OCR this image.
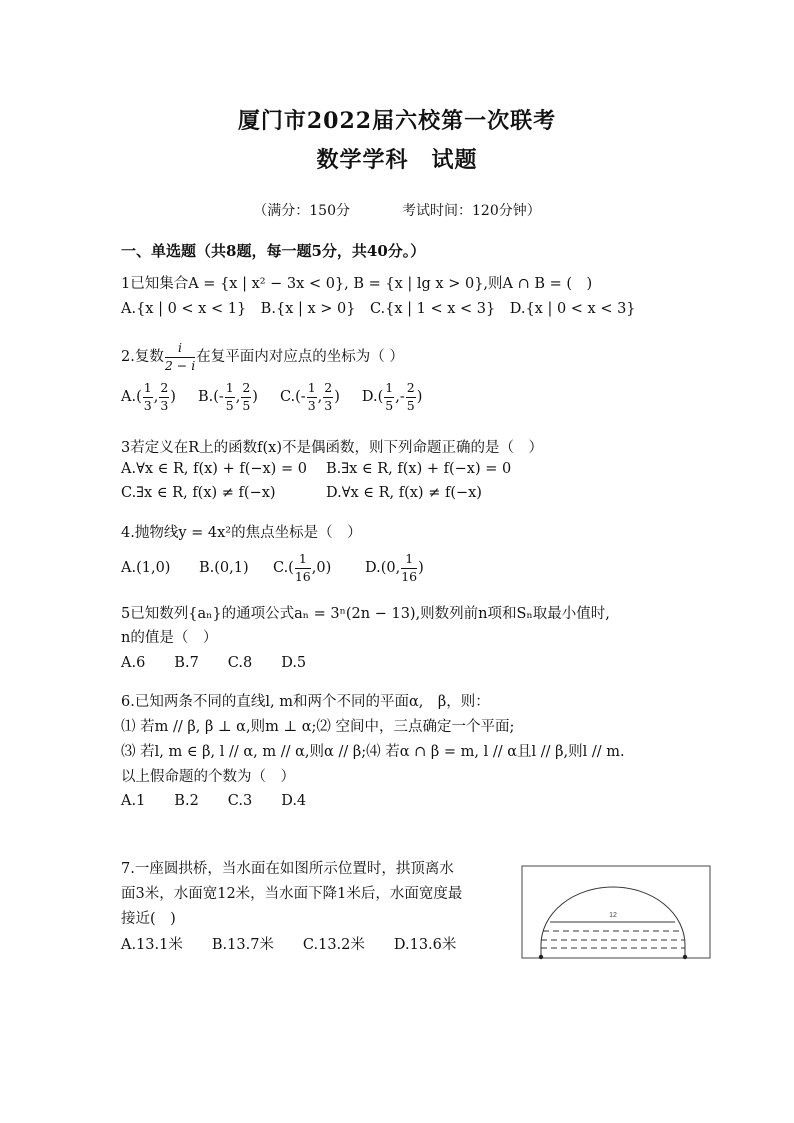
厦门市2022届六校第一次联考
数学学科　试题
（满分：150分	考试时间：120分钟）
一、单选题（共8题，每一题5分，共40分。）
1已知集合A = {x | x² − 3x < 0}, B = {x | lg x > 0},则A ∩ B = (　)
A.{x | 0 < x < 1}　B.{x | x > 0}　C.{x | 1 < x < 3}　D.{x | 0 < x < 3}
2.复数 $\frac{i}{2 - i}$ 在复平面内对应点的坐标为（ ）
$A.( \frac{1}{3}$ , $\frac{2}{3}$ ) $B.(- \frac{1}{5}$ , $\frac{2}{5}$ ) $C.(- \frac{1}{3}$ , $\frac{2}{3}$ ) $D.( \frac{1}{5}$ ,- $\frac{2}{5}$ )
3若定义在R上的函数f(x)不是偶函数，则下列命题正确的是（　）
A.∀x ∈ R, f(x) + f(−x) = 0 B.∃x ∈ R, f(x) + f(−x) = 0
C.∃x ∈ R, f(x) ≠ f(−x)	D.∀x ∈ R, f(x) ≠ f(−x)
4.抛物线y = 4x²的焦点坐标是（　）
A.(1,0) B.(0,1) $C.( \frac{1}{16} ,0)$ D.(0, $\frac{1}{16}$ )
5已知数列{aₙ}的通项公式aₙ = 3ⁿ(2n − 13),则数列前n项和Sₙ取最小值时,
n的值是（　）
A.6　　B.7　　C.8　　D.5
6.已知两条不同的直线l, m和两个不同的平面α,　β，则：
⑴ 若m // β, β ⊥ α,则m ⊥ α;⑵ 空间中，三点确定一个平面;
⑶ 若l, m ∈ β, l // α, m // α,则α // β;⑷ 若α ∩ β = m, l // α且l // β,则l // m.
以上假命题的个数为（　）
A.1　　B.2　　C.3　　D.4
7.一座圆拱桥，当水面在如图所示位置时，拱顶离水
面3米，水面宽12米，当水面下降1米后，水面宽度最
接近(　)
A.13.1米　　B.13.7米　　C.13.2米　　D.13.6米
12
